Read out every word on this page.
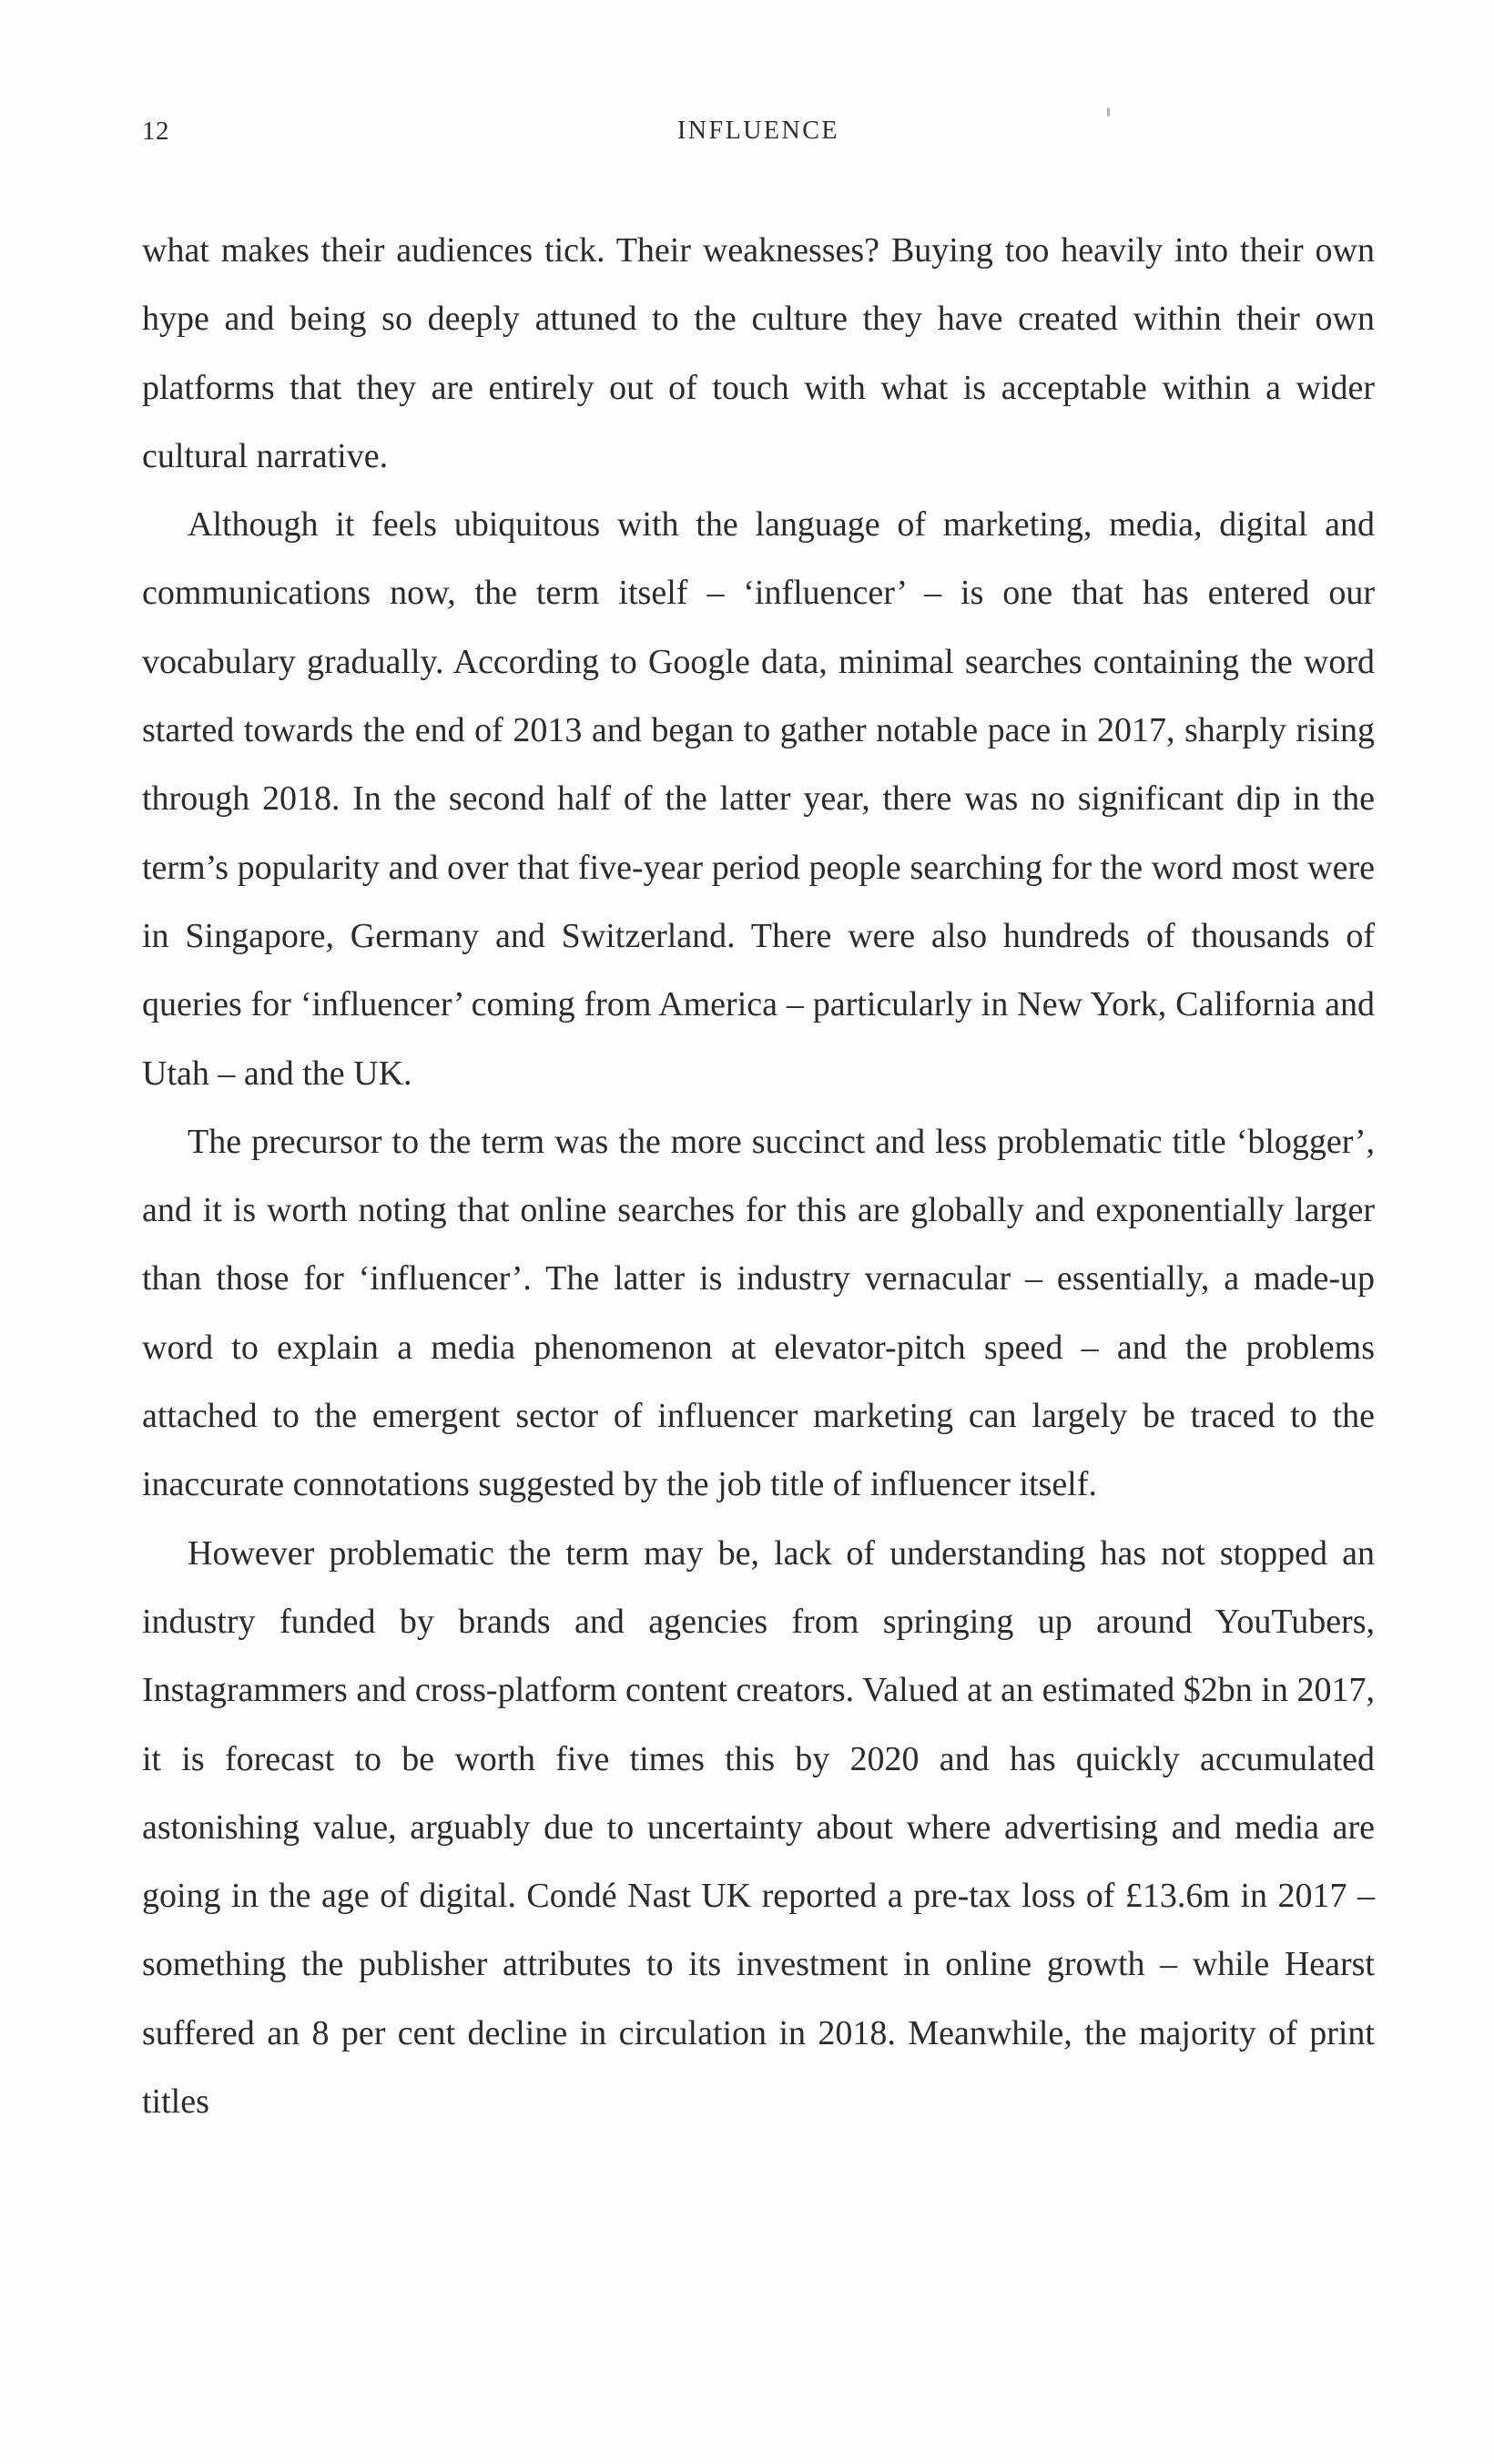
12	INFLUENCE

what makes their audiences tick. Their weaknesses? Buying too heavily into their own hype and being so deeply attuned to the culture they have created within their own platforms that they are entirely out of touch with what is acceptable within a wider cultural narrative.

Although it feels ubiquitous with the language of marketing, media, digital and communications now, the term itself – ‘influencer’ – is one that has entered our vocabulary gradually. According to Google data, minimal searches containing the word started towards the end of 2013 and began to gather notable pace in 2017, sharply rising through 2018. In the second half of the latter year, there was no significant dip in the term’s popularity and over that five-year period people searching for the word most were in Singapore, Germany and Switzerland. There were also hundreds of thousands of queries for ‘influencer’ coming from America – particularly in New York, California and Utah – and the UK.

The precursor to the term was the more succinct and less problematic title ‘blogger’, and it is worth noting that online searches for this are globally and exponentially larger than those for ‘influencer’. The latter is industry vernacular – essentially, a made-up word to explain a media phenomenon at elevator-pitch speed – and the problems attached to the emergent sector of influencer marketing can largely be traced to the inaccurate connotations suggested by the job title of influencer itself.

However problematic the term may be, lack of understanding has not stopped an industry funded by brands and agencies from springing up around YouTubers, Instagrammers and cross-platform content creators. Valued at an estimated $2bn in 2017, it is forecast to be worth five times this by 2020 and has quickly accumulated astonishing value, arguably due to uncertainty about where advertising and media are going in the age of digital. Condé Nast UK reported a pre-tax loss of £13.6m in 2017 – something the publisher attributes to its investment in online growth – while Hearst suffered an 8 per cent decline in circulation in 2018. Meanwhile, the majority of print titles
